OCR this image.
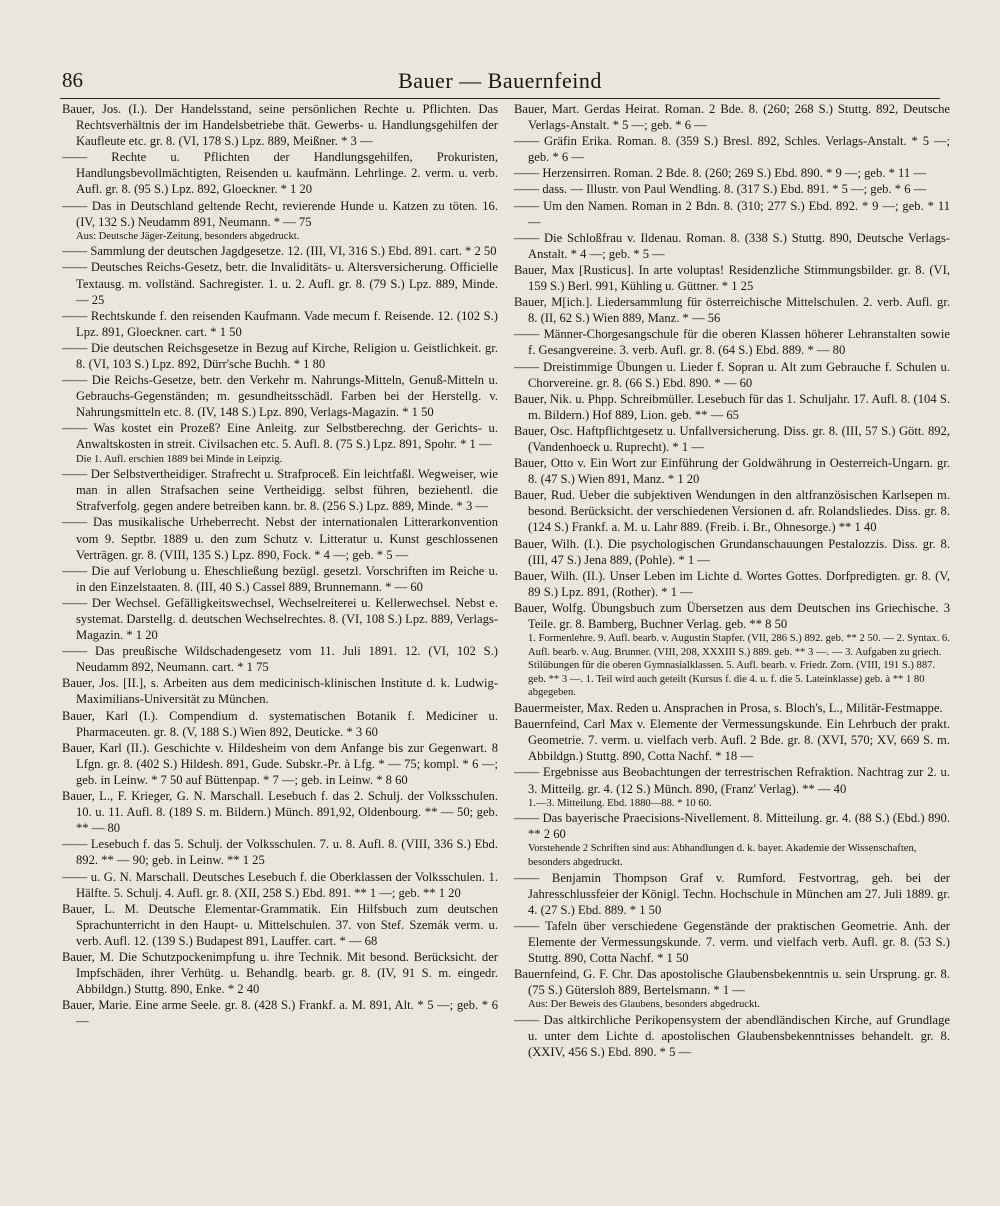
86	Bauer — Bauernfeind

Bauer, Jos. (I.). Der Handelsstand, seine persönlichen Rechte u. Pflichten. Das Rechtsverhältnis der im Handelsbetriebe thät. Gewerbs- u. Handlungsgehilfen der Kaufleute etc. gr. 8. (VI, 178 S.) Lpz. 889, Meißner. * 3 —

—— Rechte u. Pflichten der Handlungsgehilfen, Prokuristen, Handlungsbevollmächtigten, Reisenden u. kaufmänn. Lehrlinge. 2. verm. u. verb. Aufl. gr. 8. (95 S.) Lpz. 892, Gloeckner. * 1 20

—— Das in Deutschland geltende Recht, revierende Hunde u. Katzen zu töten. 16. (IV, 132 S.) Neudamm 891, Neumann. * — 75

Aus: Deutsche Jäger-Zeitung, besonders abgedruckt.

—— Sammlung der deutschen Jagdgesetze. 12. (III, VI, 316 S.) Ebd. 891. cart. * 2 50

—— Deutsches Reichs-Gesetz, betr. die Invaliditäts- u. Altersversicherung. Officielle Textausg. m. vollständ. Sachregister. 1. u. 2. Aufl. gr. 8. (79 S.) Lpz. 889, Minde. — 25

—— Rechtskunde f. den reisenden Kaufmann. Vade mecum f. Reisende. 12. (102 S.) Lpz. 891, Gloeckner. cart. * 1 50

—— Die deutschen Reichsgesetze in Bezug auf Kirche, Religion u. Geistlichkeit. gr. 8. (VI, 103 S.) Lpz. 892, Dürr'sche Buchh. * 1 80

—— Die Reichs-Gesetze, betr. den Verkehr m. Nahrungs-Mitteln, Genuß-Mitteln u. Gebrauchs-Gegenständen; m. gesundheitsschädl. Farben bei der Herstellg. v. Nahrungsmitteln etc. 8. (IV, 148 S.) Lpz. 890, Verlags-Magazin. * 1 50

—— Was kostet ein Prozeß? Eine Anleitg. zur Selbstberechng. der Gerichts- u. Anwaltskosten in streit. Civilsachen etc. 5. Aufl. 8. (75 S.) Lpz. 891, Spohr. * 1 —

Die 1. Aufl. erschien 1889 bei Minde in Leipzig.

—— Der Selbstvertheidiger. Strafrecht u. Strafproceß. Ein leichtfaßl. Wegweiser, wie man in allen Strafsachen seine Vertheidigg. selbst führen, beziehentl. die Strafverfolg. gegen andere betreiben kann. br. 8. (256 S.) Lpz. 889, Minde. * 3 —

—— Das musikalische Urheberrecht. Nebst der internationalen Litterarkonvention vom 9. Septbr. 1889 u. den zum Schutz v. Litteratur u. Kunst geschlossenen Verträgen. gr. 8. (VIII, 135 S.) Lpz. 890, Fock. * 4 —; geb. * 5 —

—— Die auf Verlobung u. Eheschließung bezügl. gesetzl. Vorschriften im Reiche u. in den Einzelstaaten. 8. (III, 40 S.) Cassel 889, Brunnemann. * — 60

—— Der Wechsel. Gefälligkeitswechsel, Wechselreiterei u. Kellerwechsel. Nebst e. systemat. Darstellg. d. deutschen Wechselrechtes. 8. (VI, 108 S.) Lpz. 889, Verlags-Magazin. * 1 20

—— Das preußische Wildschadengesetz vom 11. Juli 1891. 12. (VI, 102 S.) Neudamm 892, Neumann. cart. * 1 75

Bauer, Jos. [II.], s. Arbeiten aus dem medicinisch-klinischen Institute d. k. Ludwig-Maximilians-Universität zu München.

Bauer, Karl (I.). Compendium d. systematischen Botanik f. Mediciner u. Pharmaceuten. gr. 8. (V, 188 S.) Wien 892, Deuticke. * 3 60

Bauer, Karl (II.). Geschichte v. Hildesheim von dem Anfange bis zur Gegenwart. 8 Lfgn. gr. 8. (402 S.) Hildesh. 891, Gude. Subskr.-Pr. à Lfg. * — 75; kompl. * 6 —; geb. in Leinw. * 7 50 auf Büttenpap. * 7 —; geb. in Leinw. * 8 60

Bauer, L., F. Krieger, G. N. Marschall. Lesebuch f. das 2. Schulj. der Volksschulen. 10. u. 11. Aufl. 8. (189 S. m. Bildern.) Münch. 891,92, Oldenbourg. ** — 50; geb. ** — 80

—— Lesebuch f. das 5. Schulj. der Volksschulen. 7. u. 8. Aufl. 8. (VIII, 336 S.) Ebd. 892. ** — 90; geb. in Leinw. ** 1 25

—— u. G. N. Marschall. Deutsches Lesebuch f. die Oberklassen der Volksschulen. 1. Hälfte. 5. Schulj. 4. Aufl. gr. 8. (XII, 258 S.) Ebd. 891. ** 1 —; geb. ** 1 20

Bauer, L. M. Deutsche Elementar-Grammatik. Ein Hilfsbuch zum deutschen Sprachunterricht in den Haupt- u. Mittelschulen. 37. von Stef. Szemák verm. u. verb. Aufl. 12. (139 S.) Budapest 891, Lauffer. cart. * — 68

Bauer, M. Die Schutzpockenimpfung u. ihre Technik. Mit besond. Berücksicht. der Impfschäden, ihrer Verhütg. u. Behandlg. bearb. gr. 8. (IV, 91 S. m. eingedr. Abbildgn.) Stuttg. 890, Enke. * 2 40

Bauer, Marie. Eine arme Seele. gr. 8. (428 S.) Frankf. a. M. 891, Alt. * 5 —; geb. * 6 —

Bauer, Mart. Gerdas Heirat. Roman. 2 Bde. 8. (260; 268 S.) Stuttg. 892, Deutsche Verlags-Anstalt. * 5 —; geb. * 6 —

—— Gräfin Erika. Roman. 8. (359 S.) Bresl. 892, Schles. Verlags-Anstalt. * 5 —; geb. * 6 —

—— Herzensirren. Roman. 2 Bde. 8. (260; 269 S.) Ebd. 890. * 9 —; geb. * 11 —

—— dass. — Illustr. von Paul Wendling. 8. (317 S.) Ebd. 891. * 5 —; geb. * 6 —

—— Um den Namen. Roman in 2 Bdn. 8. (310; 277 S.) Ebd. 892. * 9 —; geb. * 11 —

—— Die Schloßfrau v. Ildenau. Roman. 8. (338 S.) Stuttg. 890, Deutsche Verlags-Anstalt. * 4 —; geb. * 5 —

Bauer, Max [Rusticus]. In arte voluptas! Residenzliche Stimmungsbilder. gr. 8. (VI, 159 S.) Berl. 991, Kühling u. Güttner. * 1 25

Bauer, M[ich.]. Liedersammlung für österreichische Mittelschulen. 2. verb. Aufl. gr. 8. (II, 62 S.) Wien 889, Manz. * — 56

—— Männer-Chorgesangschule für die oberen Klassen höherer Lehranstalten sowie f. Gesangvereine. 3. verb. Aufl. gr. 8. (64 S.) Ebd. 889. * — 80

—— Dreistimmige Übungen u. Lieder f. Sopran u. Alt zum Gebrauche f. Schulen u. Chorvereine. gr. 8. (66 S.) Ebd. 890. * — 60

Bauer, Nik. u. Phpp. Schreibmüller. Lesebuch für das 1. Schuljahr. 17. Aufl. 8. (104 S. m. Bildern.) Hof 889, Lion. geb. ** — 65

Bauer, Osc. Haftpflichtgesetz u. Unfallversicherung. Diss. gr. 8. (III, 57 S.) Gött. 892, (Vandenhoeck u. Ruprecht). * 1 —

Bauer, Otto v. Ein Wort zur Einführung der Goldwährung in Oesterreich-Ungarn. gr. 8. (47 S.) Wien 891, Manz. * 1 20

Bauer, Rud. Ueber die subjektiven Wendungen in den altfranzösischen Karlsepen m. besond. Berücksicht. der verschiedenen Versionen d. afr. Rolandsliedes. Diss. gr. 8. (124 S.) Frankf. a. M. u. Lahr 889. (Freib. i. Br., Ohnesorge.) ** 1 40

Bauer, Wilh. (I.). Die psychologischen Grundanschauungen Pestalozzis. Diss. gr. 8. (III, 47 S.) Jena 889, (Pohle). * 1 —

Bauer, Wilh. (II.). Unser Leben im Lichte d. Wortes Gottes. Dorfpredigten. gr. 8. (V, 89 S.) Lpz. 891, (Rother). * 1 —

Bauer, Wolfg. Übungsbuch zum Übersetzen aus dem Deutschen ins Griechische. 3 Teile. gr. 8. Bamberg, Buchner Verlag. geb. ** 8 50

1. Formenlehre. 9. Aufl. bearb. v. Augustin Stapfer. (VII, 286 S.) 892. geb. ** 2 50. — 2. Syntax. 6. Aufl. bearb. v. Aug. Brunner. (VIII, 208, XXXIII S.) 889. geb. ** 3 —. — 3. Aufgaben zu griech. Stilübungen für die oberen Gymnasialklassen. 5. Aufl. bearb. v. Friedr. Zorn. (VIII, 191 S.) 887. geb. ** 3 —. 1. Teil wird auch geteilt (Kursus f. die 4. u. f. die 5. Lateinklasse) geb. à ** 1 80 abgegeben.

Bauermeister, Max. Reden u. Ansprachen in Prosa, s. Bloch's, L., Militär-Festmappe.

Bauernfeind, Carl Max v. Elemente der Vermessungskunde. Ein Lehrbuch der prakt. Geometrie. 7. verm. u. vielfach verb. Aufl. 2 Bde. gr. 8. (XVI, 570; XV, 669 S. m. Abbildgn.) Stuttg. 890, Cotta Nachf. * 18 —

—— Ergebnisse aus Beobachtungen der terrestrischen Refraktion. Nachtrag zur 2. u. 3. Mitteilg. gr. 4. (12 S.) Münch. 890, (Franz' Verlag). ** — 40

1.—3. Mitteilung. Ebd. 1880—88. * 10 60.

—— Das bayerische Praecisions-Nivellement. 8. Mitteilung. gr. 4. (88 S.) (Ebd.) 890. ** 2 60

Vorstehende 2 Schriften sind aus: Abhandlungen d. k. bayer. Akademie der Wissenschaften, besonders abgedruckt.

—— Benjamin Thompson Graf v. Rumford. Festvortrag, geh. bei der Jahresschlussfeier der Königl. Techn. Hochschule in München am 27. Juli 1889. gr. 4. (27 S.) Ebd. 889. * 1 50

—— Tafeln über verschiedene Gegenstände der praktischen Geometrie. Anh. der Elemente der Vermessungskunde. 7. verm. und vielfach verb. Aufl. gr. 8. (53 S.) Stuttg. 890, Cotta Nachf. * 1 50

Bauernfeind, G. F. Chr. Das apostolische Glaubensbekenntnis u. sein Ursprung. gr. 8. (75 S.) Gütersloh 889, Bertelsmann. * 1 —

Aus: Der Beweis des Glaubens, besonders abgedruckt.

—— Das altkirchliche Perikopensystem der abendländischen Kirche, auf Grundlage u. unter dem Lichte d. apostolischen Glaubensbekenntnisses behandelt. gr. 8. (XXIV, 456 S.) Ebd. 890. * 5 —
